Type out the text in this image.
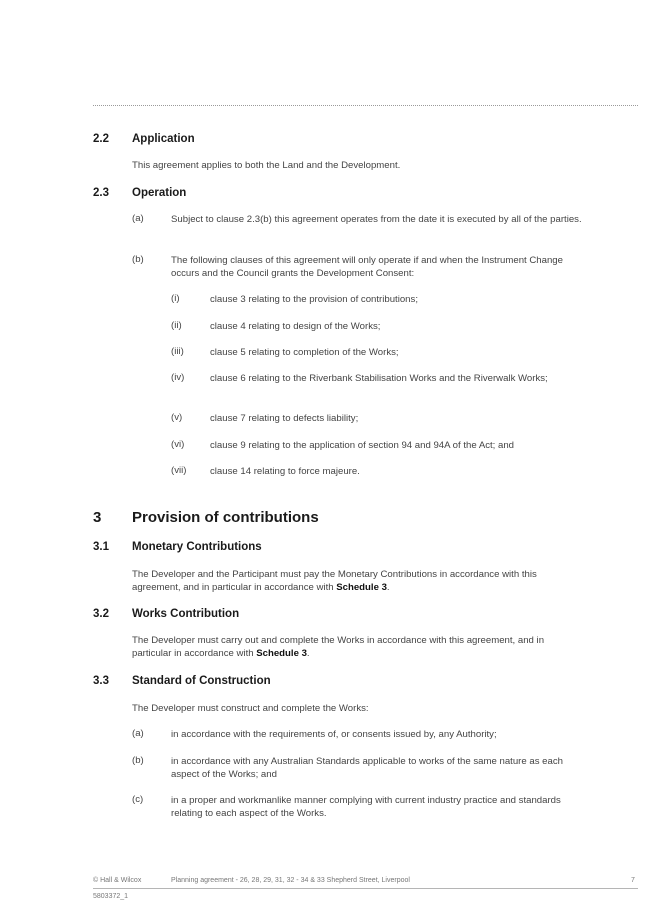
2.2 Application
This agreement applies to both the Land and the Development.
2.3 Operation
(a)	Subject to clause 2.3(b) this agreement operates from the date it is executed by all of the parties.
(b)	The following clauses of this agreement will only operate if and when the Instrument Change occurs and the Council grants the Development Consent:
(i)	clause 3 relating to the provision of contributions;
(ii)	clause 4 relating to design of the Works;
(iii)	clause 5 relating to completion of the Works;
(iv)	clause 6 relating to the Riverbank Stabilisation Works and the Riverwalk Works;
(v)	clause 7 relating to defects liability;
(vi)	clause 9 relating to the application of section 94 and 94A of the Act; and
(vii) clause 14 relating to force majeure.
3 Provision of contributions
3.1 Monetary Contributions
The Developer and the Participant must pay the Monetary Contributions in accordance with this agreement, and in particular in accordance with Schedule 3.
3.2 Works Contribution
The Developer must carry out and complete the Works in accordance with this agreement, and in particular in accordance with Schedule 3.
3.3 Standard of Construction
The Developer must construct and complete the Works:
(a)	in accordance with the requirements of, or consents issued by, any Authority;
(b)	in accordance with any Australian Standards applicable to works of the same nature as each aspect of the Works; and
(c)	in a proper and workmanlike manner complying with current industry practice and standards relating to each aspect of the Works.
© Hall & Wilcox	Planning agreement - 26, 28, 29, 31, 32 - 34 & 33 Shepherd Street, Liverpool	7
5803372_1
